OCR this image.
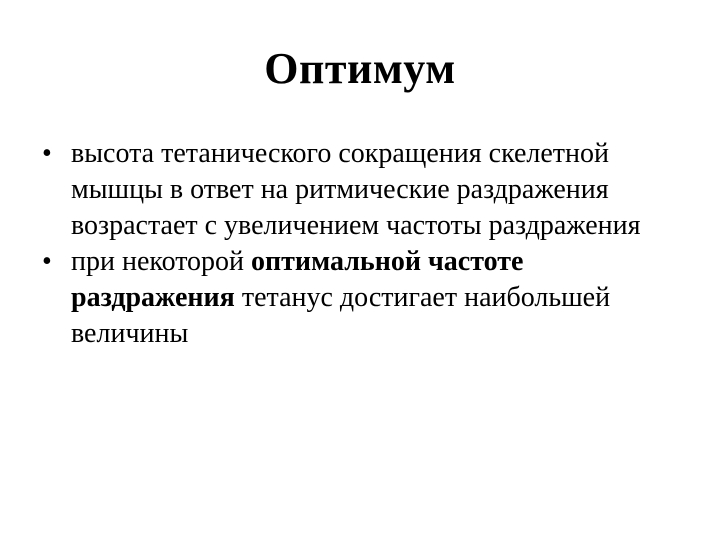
Оптимум
• высота тетанического сокращения скелетной мышцы в ответ на ритмические раздражения возрастает с увеличением частоты раздражения
• при некоторой оптимальной частоте раздражения тетанус достигает наибольшей величины
